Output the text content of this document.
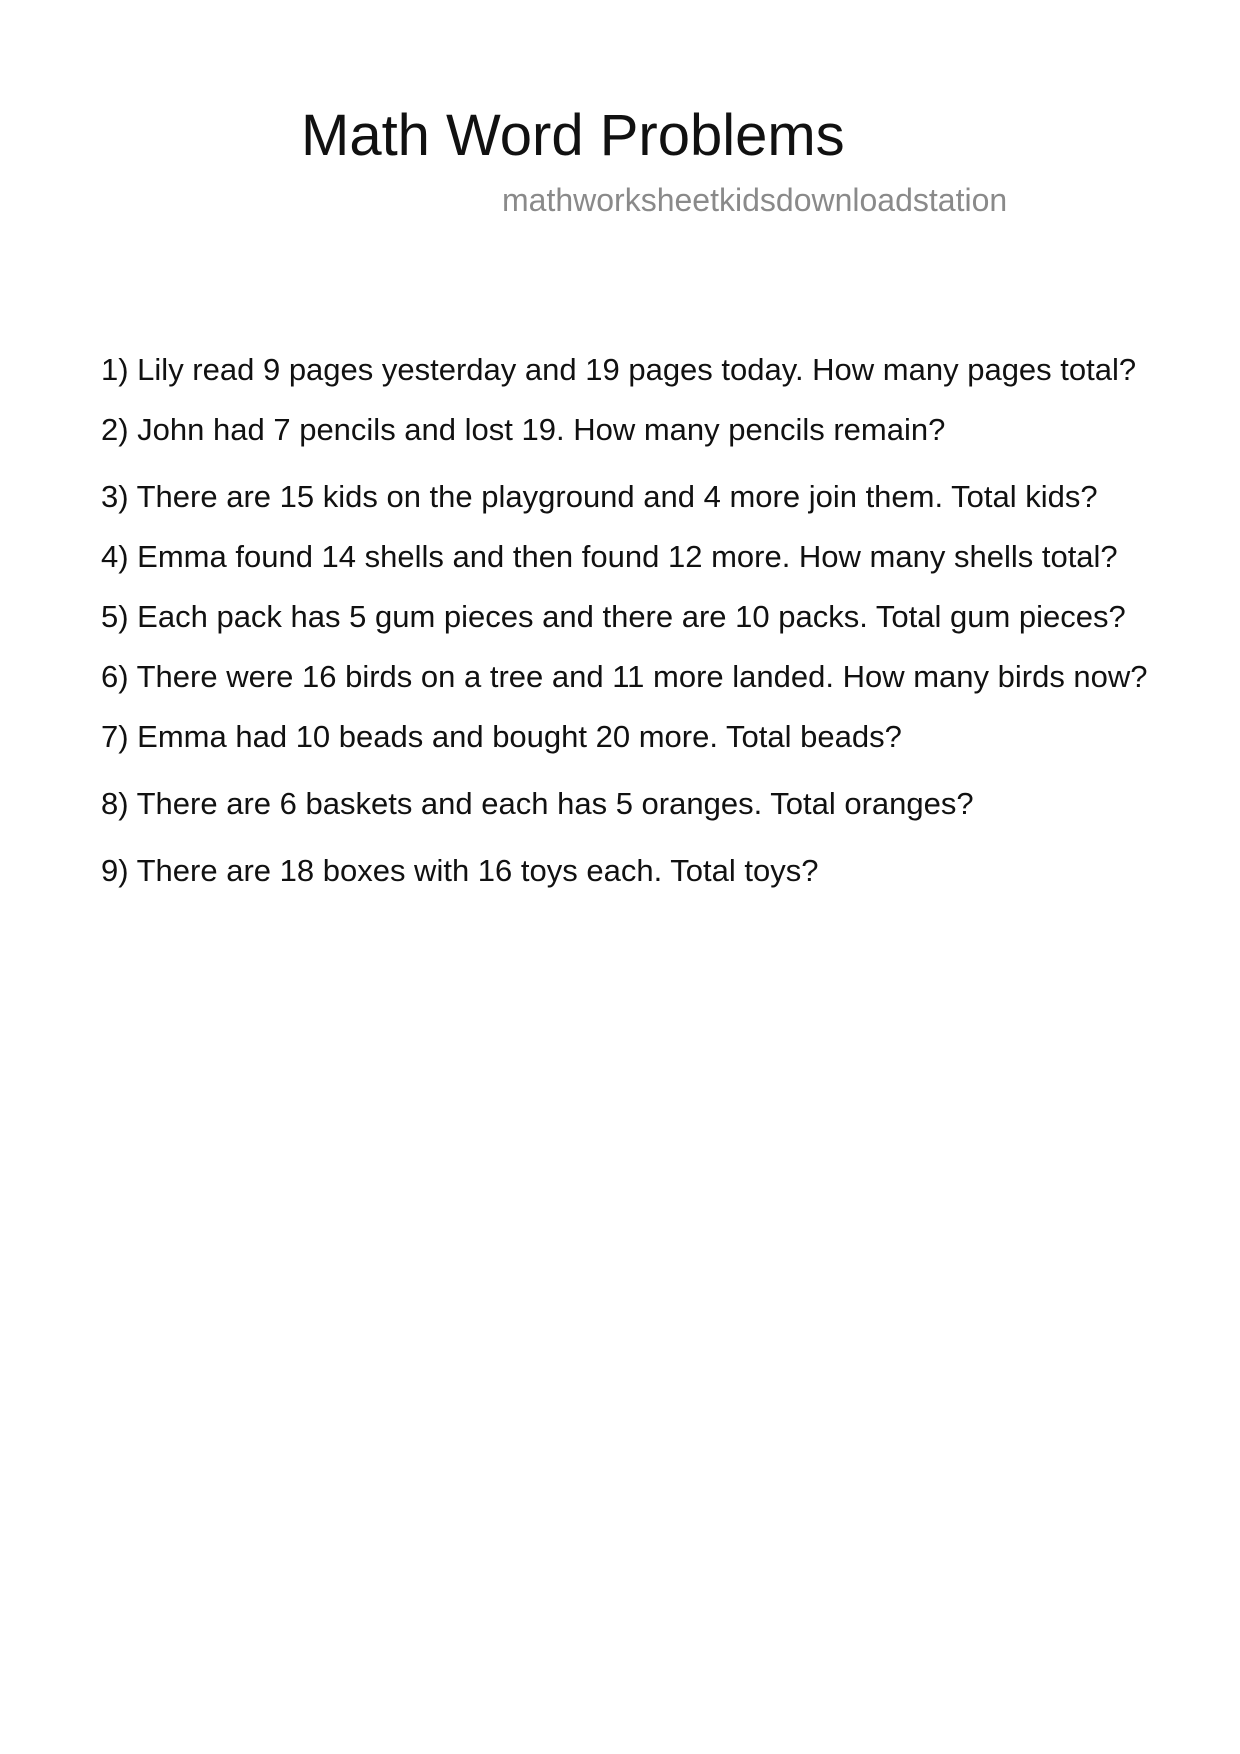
Math Word Problems
mathworksheetkidsdownloadstation
1) Lily read 9 pages yesterday and 19 pages today. How many pages total?
2) John had 7 pencils and lost 19. How many pencils remain?
3) There are 15 kids on the playground and 4 more join them. Total kids?
4) Emma found 14 shells and then found 12 more. How many shells total?
5) Each pack has 5 gum pieces and there are 10 packs. Total gum pieces?
6) There were 16 birds on a tree and 11 more landed. How many birds now?
7) Emma had 10 beads and bought 20 more. Total beads?
8) There are 6 baskets and each has 5 oranges. Total oranges?
9) There are 18 boxes with 16 toys each. Total toys?
